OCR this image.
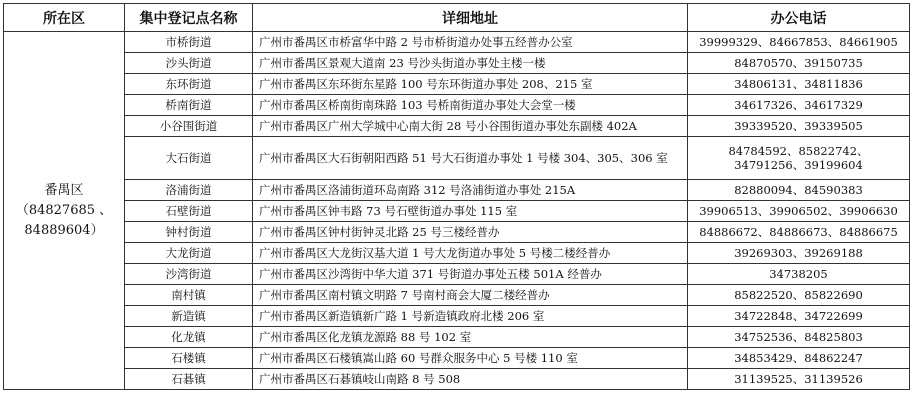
所在区	集中登记点名称	详细地址	办公电话

番禺区
（84827685 、84889604）	市桥街道	广州市番禺区市桥富华中路 2 号市桥街道办处事五经普办公室	39999329、84667853、84661905

	沙头街道	广州市番禺区景观大道南 23 号沙头街道办事处主楼一楼	84870570、39150735

	东环街道	广州市番禺区东环街东星路 100 号东环街道办事处 208、215 室	34806131、34811836

	桥南街道	广州市番禺区桥南街南珠路 103 号桥南街道办事处大会堂一楼	34617326、34617329

	小谷围街道	广州市番禺区广州大学城中心南大街 28 号小谷围街道办事处东副楼 402A	39339520、39339505

	大石街道	广州市番禺区大石街朝阳西路 51 号大石街道办事处 1 号楼 304、305、306 室	84784592、85822742、
34791256、39199604

	洛浦街道	广州市番禺区洛浦街道环岛南路 312 号洛浦街道办事处 215A	82880094、84590383

	石壁街道	广州市番禺区钟韦路 73 号石壁街道办事处 115 室	39906513、39906502、39906630

	钟村街道	广州市番禺区钟村街钟灵北路 25 号三楼经普办	84886672、84886673、84886675

	大龙街道	广州市番禺区大龙街汉基大道 1 号大龙街道办事处 5 号楼二楼经普办	39269303、39269188

	沙湾街道	广州市番禺区沙湾街中华大道 371 号街道办事处五楼 501A 经普办	34738205

	南村镇	广州市番禺区南村镇文明路 7 号南村商会大厦二楼经普办	85822520、85822690

	新造镇	广州市番禺区新造镇新广路 1 号新造镇政府北楼 206 室	34722848、34722699

	化龙镇	广州市番禺区化龙镇龙源路 88 号 102 室	34752536、84825803

	石楼镇	广州市番禺区石楼镇嵩山路 60 号群众服务中心 5 号楼 110 室	34853429、84862247

	石碁镇	广州市番禺区石碁镇岐山南路 8 号 508	31139525、31139526
